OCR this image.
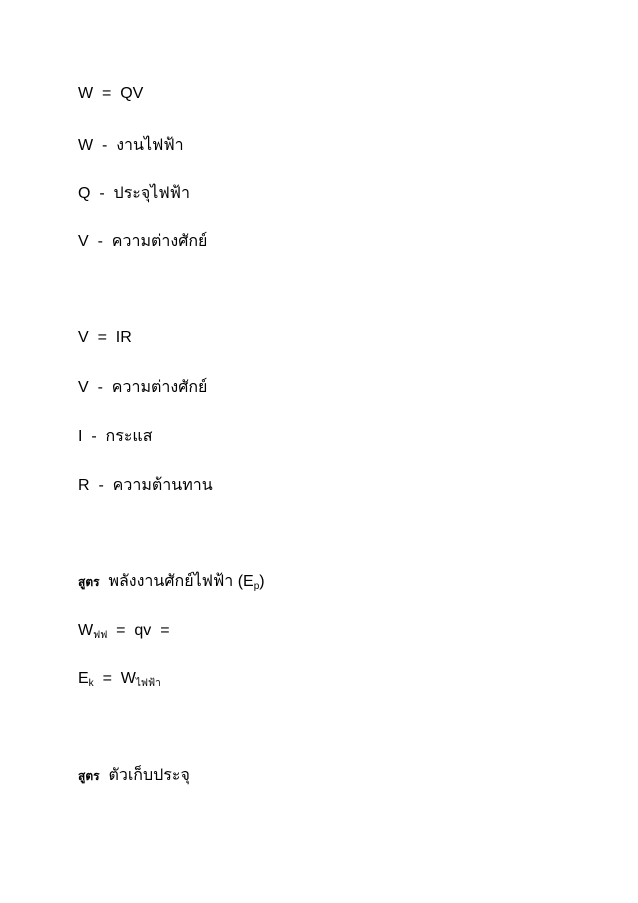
W  =  QV
W  -  งานไฟฟ้า
Q  -  ประจุไฟฟ้า
V  -  ความต่างศักย์
V  =  IR
V  -  ความต่างศักย์
I  -  กระแส
R  -  ความต้านทาน
สูตร  พลังงานศักย์ไฟฟ้า $(E_p)$
$W_{ฟฟ}$  =  qv  =
$E_k = W_{ไฟฟ้า}$
สูตร  ตัวเก็บประจุ
